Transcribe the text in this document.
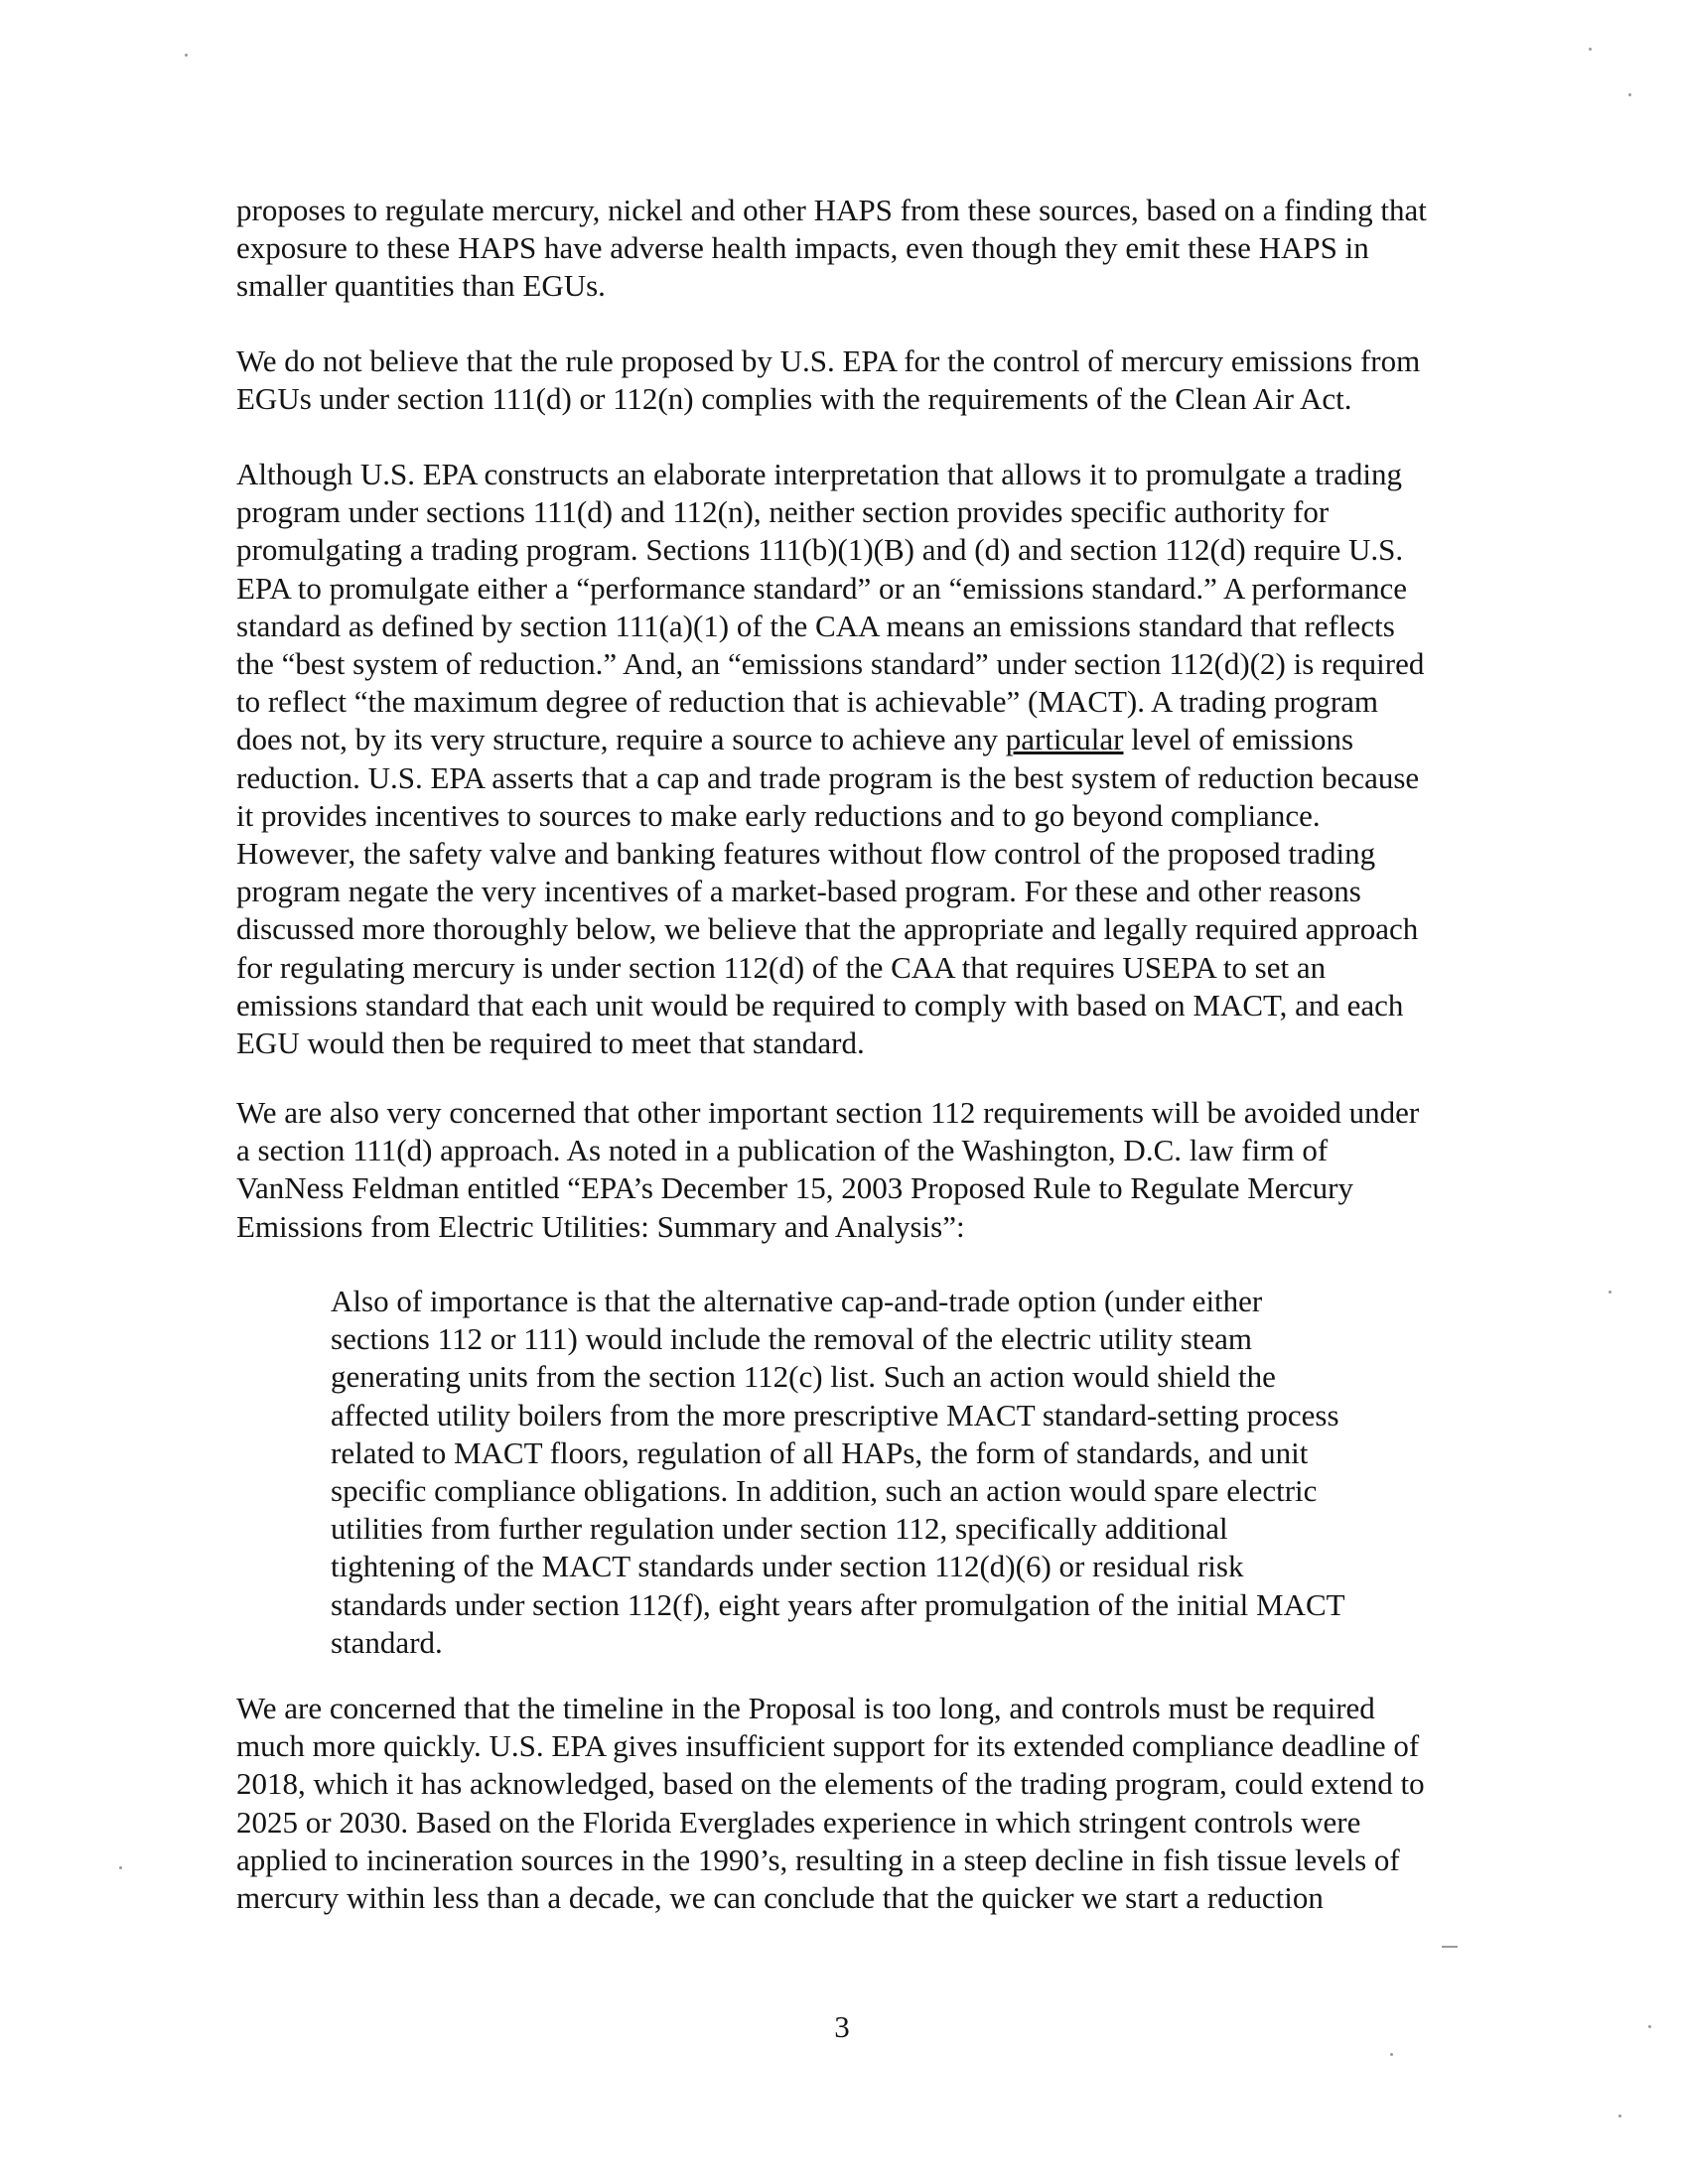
proposes to regulate mercury, nickel and other HAPS from these sources, based on a finding that
exposure to these HAPS have adverse health impacts, even though they emit these HAPS in
smaller quantities than EGUs.
We do not believe that the rule proposed by U.S. EPA for the control of mercury emissions from
EGUs under section 111(d) or 112(n) complies with the requirements of the Clean Air Act.
Although U.S. EPA constructs an elaborate interpretation that allows it to promulgate a trading
program under sections 111(d) and 112(n), neither section provides specific authority for
promulgating a trading program. Sections 111(b)(1)(B) and (d) and section 112(d) require U.S.
EPA to promulgate either a “performance standard” or an “emissions standard.” A performance
standard as defined by section 111(a)(1) of the CAA means an emissions standard that reflects
the “best system of reduction.” And, an “emissions standard” under section 112(d)(2) is required
to reflect “the maximum degree of reduction that is achievable” (MACT). A trading program
does not, by its very structure, require a source to achieve any particular level of emissions
reduction. U.S. EPA asserts that a cap and trade program is the best system of reduction because
it provides incentives to sources to make early reductions and to go beyond compliance.
However, the safety valve and banking features without flow control of the proposed trading
program negate the very incentives of a market-based program. For these and other reasons
discussed more thoroughly below, we believe that the appropriate and legally required approach
for regulating mercury is under section 112(d) of the CAA that requires USEPA to set an
emissions standard that each unit would be required to comply with based on MACT, and each
EGU would then be required to meet that standard.
We are also very concerned that other important section 112 requirements will be avoided under
a section 111(d) approach. As noted in a publication of the Washington, D.C. law firm of
VanNess Feldman entitled “EPA’s December 15, 2003 Proposed Rule to Regulate Mercury
Emissions from Electric Utilities: Summary and Analysis”:
Also of importance is that the alternative cap-and-trade option (under either
sections 112 or 111) would include the removal of the electric utility steam
generating units from the section 112(c) list. Such an action would shield the
affected utility boilers from the more prescriptive MACT standard-setting process
related to MACT floors, regulation of all HAPs, the form of standards, and unit
specific compliance obligations. In addition, such an action would spare electric
utilities from further regulation under section 112, specifically additional
tightening of the MACT standards under section 112(d)(6) or residual risk
standards under section 112(f), eight years after promulgation of the initial MACT
standard.
We are concerned that the timeline in the Proposal is too long, and controls must be required
much more quickly. U.S. EPA gives insufficient support for its extended compliance deadline of
2018, which it has acknowledged, based on the elements of the trading program, could extend to
2025 or 2030. Based on the Florida Everglades experience in which stringent controls were
applied to incineration sources in the 1990’s, resulting in a steep decline in fish tissue levels of
mercury within less than a decade, we can conclude that the quicker we start a reduction
3
